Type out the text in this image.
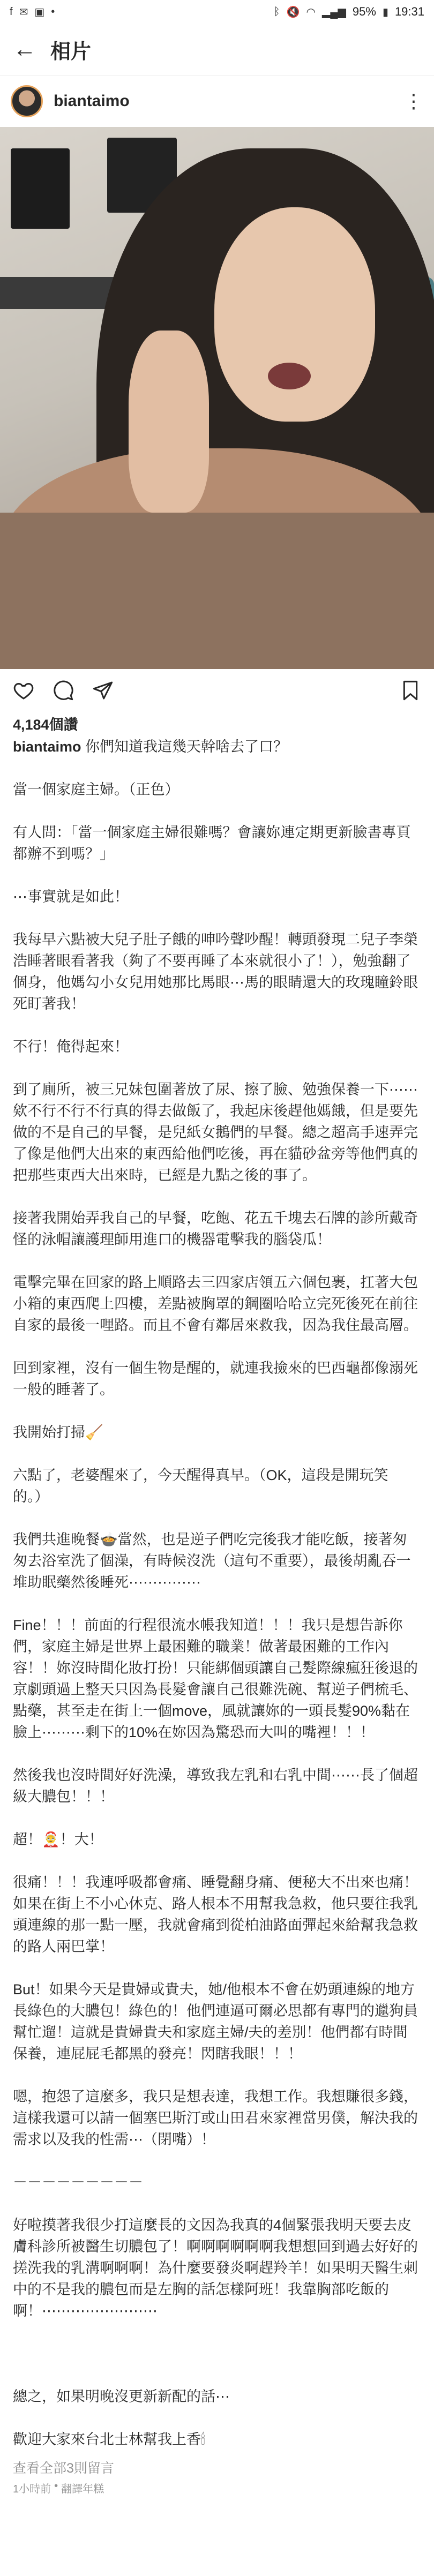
f ✉ ▣ •	ᛒ 🔇 ◠ ▂▄▆ 95% ▮ 19:31
← 相片
biantaimo	⋮
4,184個讚
biantaimo 你們知道我這幾天幹啥去了口？

當一個家庭主婦。（正色）

有人問：「當一個家庭主婦很難嗎？會讓妳連定期更新臉書專頁都辦不到嗎？」

⋯事實就是如此！

我每早六點被大兒子肚子餓的呻吟聲吵醒！轉頭發現二兒子李榮浩睡著眼看著我（夠了不要再睡了本來就很小了！），勉強翻了個身，他媽勾小女兒用她那比馬眼⋯馬的眼睛還大的玫瑰瞳鈴眼死盯著我！

不行！俺得起來！

到了廁所，被三兄妹包圍著放了尿、擦了臉、勉強保養一下⋯⋯欸不行不行不行真的得去做飯了，我起床後趕他媽餓，但是要先做的不是自己的早餐，是兒紙女鵝們的早餐。總之超高手速弄完了像是他們大出來的東西給他們吃後，再在貓砂盆旁等他們真的把那些東西大出來時，已經是九點之後的事了。

接著我開始弄我自己的早餐，吃飽、花五千塊去石牌的診所戴奇怪的泳帽讓護理師用進口的機器電擊我的腦袋瓜！

電擊完畢在回家的路上順路去三四家店領五六個包裹，扛著大包小箱的東西爬上四樓，差點被胸罩的鋼圈哈哈立完死後死在前往自家的最後一哩路。而且不會有鄰居來救我，因為我住最高層。

回到家裡，沒有一個生物是醒的，就連我撿來的巴西龜都像溺死一般的睡著了。

我開始打掃🧹

六點了，老婆醒來了，今天醒得真早。（OK，這段是開玩笑的。）

我們共進晚餐🍲當然，也是逆子們吃完後我才能吃飯，接著匆匆去浴室洗了個澡，有時候沒洗（這句不重要），最後胡亂吞一堆助眠藥然後睡死⋯⋯⋯⋯⋯

Fine！！！前面的行程很流水帳我知道！！！我只是想告訴你們，家庭主婦是世界上最困難的職業！做著最困難的工作內容！！妳沒時間化妝打扮！只能綁個頭讓自己髮際線瘋狂後退的京劇頭過上整天只因為長髮會讓自己很難洗碗、幫逆子們梳毛、點藥，甚至走在街上一個move，風就讓妳的一頭長髮90%黏在臉上⋯⋯⋯剩下的10%在妳因為驚恐而大叫的嘴裡！！！

然後我也沒時間好好洗澡，導致我左乳和右乳中間⋯⋯長了個超級大膿包！！！

超！🤶！大！

很痛！！！我連呼吸都會痛、睡覺翻身痛、便秘大不出來也痛！如果在街上不小心休克、路人根本不用幫我急救，他只要往我乳頭連線的那一點一壓，我就會痛到從柏油路面彈起來給幫我急救的路人兩巴掌！

But！如果今天是貴婦或貴夫，她/他根本不會在奶頭連線的地方長綠色的大膿包！綠色的！他們連逼可爾必思都有專門的邋狗員幫忙遛！這就是貴婦貴夫和家庭主婦/夫的差別！他們都有時間保養，連屁屁毛都黑的發亮！閃瞎我眼！！！

嗯，抱怨了這麼多，我只是想表達，我想工作。我想賺很多錢，這樣我還可以請一個塞巴斯汀或山田君來家裡當男僕，解決我的需求以及我的性需⋯（閉嘴）！

－－－－－－－－－

好啦摸著我很少打這麼長的文因為我真的4個緊張我明天要去皮膚科診所被醫生切膿包了！啊啊啊啊啊啊我想想回到過去好好的搓洗我的乳溝啊啊啊！為什麼要發炎啊趕羚羊！如果明天醫生刺中的不是我的膿包而是左胸的話怎樣阿班！我靠胸部吃飯的啊！⋯⋯⋯⋯⋯⋯⋯⋯

總之，如果明晚沒更新新配的話⋯

歡迎大家來台北士林幫我上香🕯
查看全部3則留言
1小時前 • 翻譯年糕
